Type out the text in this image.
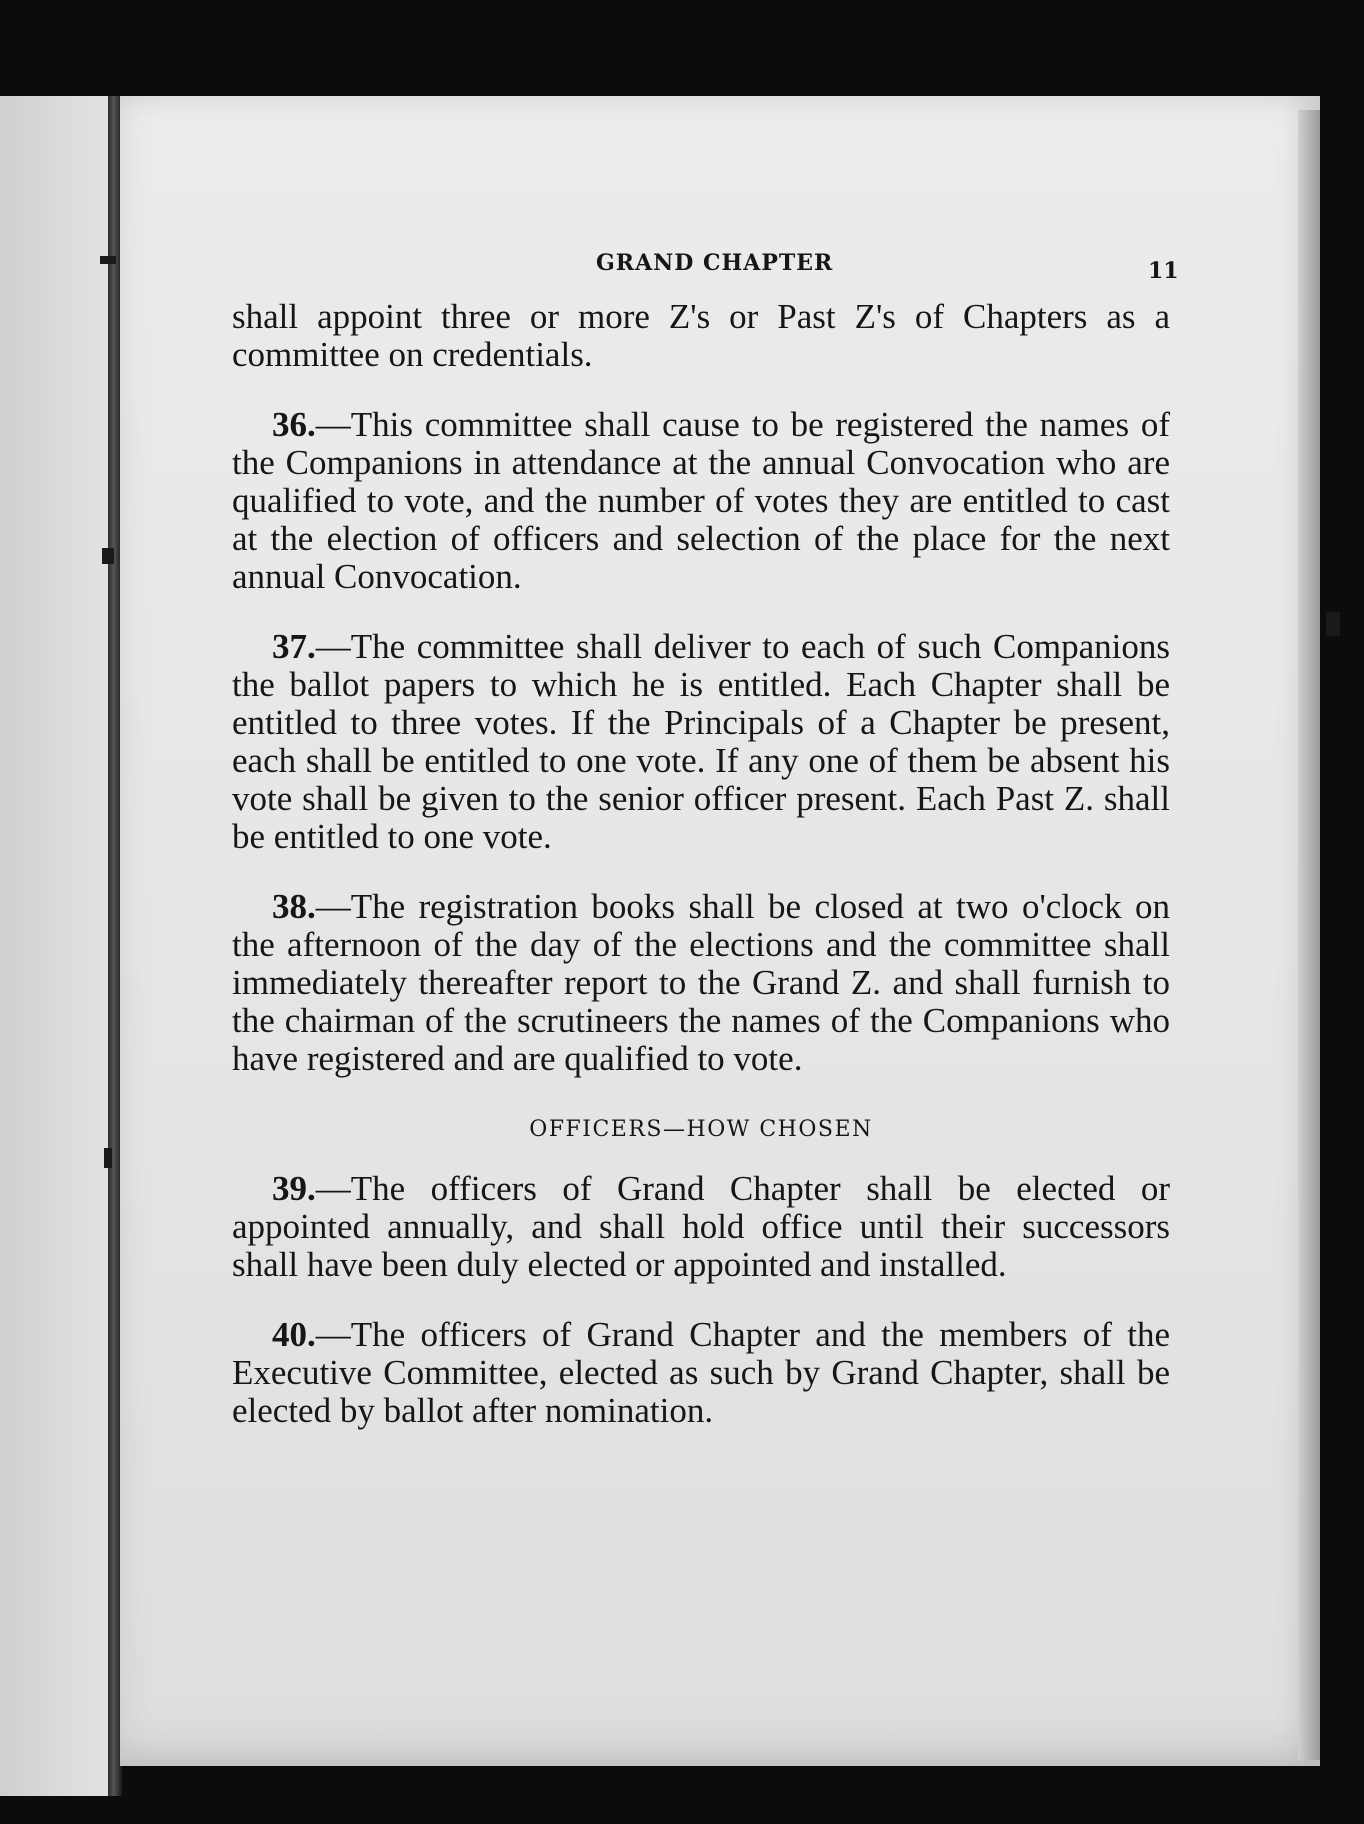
GRAND CHAPTER	11

shall appoint three or more Z's or Past Z's of Chapters as a committee on credentials.

36.—This committee shall cause to be registered the names of the Companions in attendance at the annual Convocation who are qualified to vote, and the number of votes they are entitled to cast at the election of officers and selection of the place for the next annual Convocation.

37.—The committee shall deliver to each of such Companions the ballot papers to which he is entitled. Each Chapter shall be entitled to three votes. If the Principals of a Chapter be present, each shall be entitled to one vote. If any one of them be absent his vote shall be given to the senior officer present. Each Past Z. shall be entitled to one vote.

38.—The registration books shall be closed at two o'clock on the afternoon of the day of the elections and the committee shall immediately thereafter report to the Grand Z. and shall furnish to the chairman of the scrutineers the names of the Companions who have registered and are qualified to vote.

OFFICERS—HOW CHOSEN

39.—The officers of Grand Chapter shall be elected or appointed annually, and shall hold office until their successors shall have been duly elected or appointed and installed.

40.—The officers of Grand Chapter and the members of the Executive Committee, elected as such by Grand Chapter, shall be elected by ballot after nomination.
